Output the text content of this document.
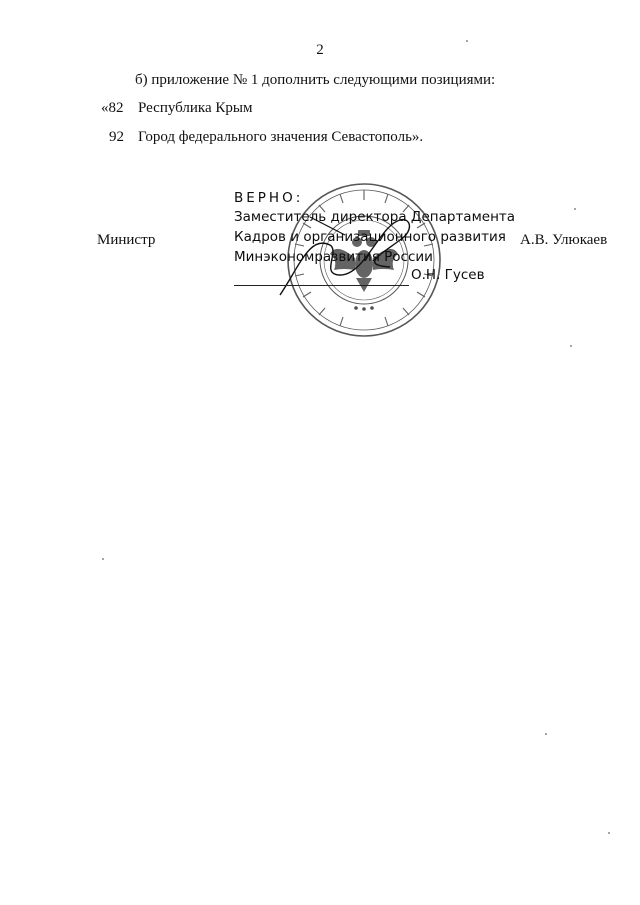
2
б) приложение № 1 дополнить следующими позициями:
«82 Республика Крым
92 Город федерального значения Севастополь».
Министр	А.В. Улюкаев
ВЕРНО:
Заместитель директора Департамента
Кадров и организационного развития
Минэкономразвития России
О.Н. Гусев
